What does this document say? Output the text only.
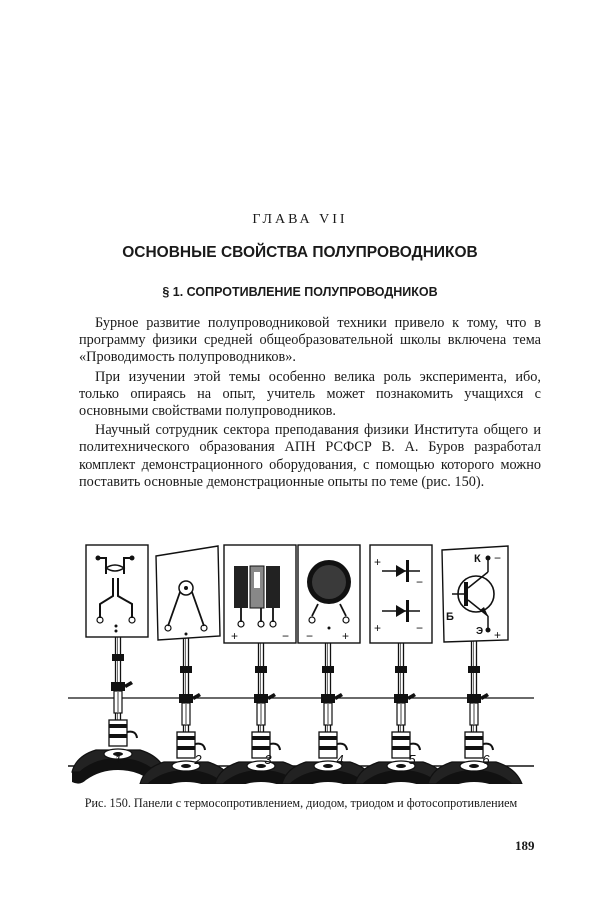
ГЛАВА VII
ОСНОВНЫЕ СВОЙСТВА ПОЛУПРОВОДНИКОВ
§ 1. СОПРОТИВЛЕНИЕ ПОЛУПРОВОДНИКОВ

Бурное развитие полупроводниковой техники привело к тому, что в программу физики средней общеобразовательной школы включена тема «Проводимость полупроводников».

При изучении этой темы особенно велика роль эксперимента, ибо, только опираясь на опыт, учитель может познакомить учащихся с основными свойствами полупроводников.

Научный сотрудник сектора преподавания физики Института общего и политехнического образования АПН РСФСР В. А. Буров разработал комплект демонстрационного оборудования, с помощью которого можно поставить основные демонстрационные опыты по теме (рис. 150).

+	− − +
+
−
+	−
К −
Б
Э +
1	2	3	4	5	6
Рис. 150. Панели с термосопротивлением, диодом, триодом и фотосопротивлением
189
